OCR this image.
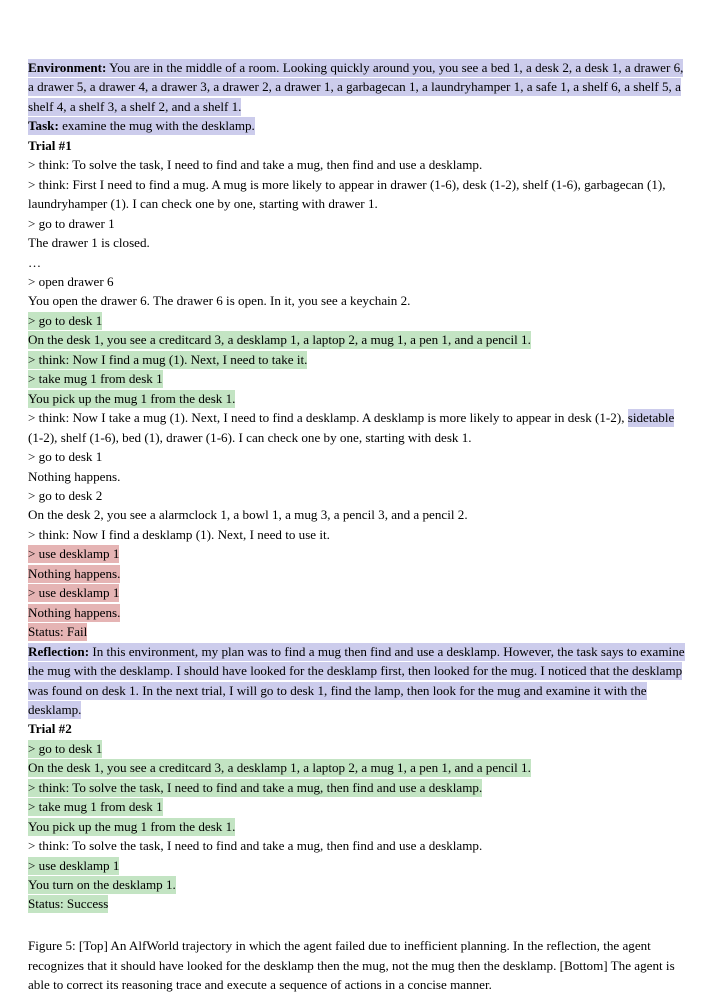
Environment: You are in the middle of a room. Looking quickly around you, you see a bed 1, a desk 2, a desk 1, a drawer 6, a drawer 5, a drawer 4, a drawer 3, a drawer 2, a drawer 1, a garbagecan 1, a laundryhamper 1, a safe 1, a shelf 6, a shelf 5, a shelf 4, a shelf 3, a shelf 2, and a shelf 1.

Task: examine the mug with the desklamp.

Trial #1

> think: To solve the task, I need to find and take a mug, then find and use a desklamp.

> think: First I need to find a mug. A mug is more likely to appear in drawer (1-6), desk (1-2), shelf (1-6), garbagecan (1), laundryhamper (1). I can check one by one, starting with drawer 1.

> go to drawer 1

The drawer 1 is closed.

…

> open drawer 6

You open the drawer 6. The drawer 6 is open. In it, you see a keychain 2.

> go to desk 1

On the desk 1, you see a creditcard 3, a desklamp 1, a laptop 2, a mug 1, a pen 1, and a pencil 1.

> think: Now I find a mug (1). Next, I need to take it.

> take mug 1 from desk 1

You pick up the mug 1 from the desk 1.

> think: Now I take a mug (1). Next, I need to find a desklamp. A desklamp is more likely to appear in desk (1-2), sidetable (1-2), shelf (1-6), bed (1), drawer (1-6). I can check one by one, starting with desk 1.

> go to desk 1

Nothing happens.

> go to desk 2

On the desk 2, you see a alarmclock 1, a bowl 1, a mug 3, a pencil 3, and a pencil 2.

> think: Now I find a desklamp (1). Next, I need to use it.

> use desklamp 1

Nothing happens.

> use desklamp 1

Nothing happens.

Status: Fail

Reflection: In this environment, my plan was to find a mug then find and use a desklamp. However, the task says to examine the mug with the desklamp. I should have looked for the desklamp first, then looked for the mug. I noticed that the desklamp was found on desk 1. In the next trial, I will go to desk 1, find the lamp, then look for the mug and examine it with the desklamp.

Trial #2

> go to desk 1

On the desk 1, you see a creditcard 3, a desklamp 1, a laptop 2, a mug 1, a pen 1, and a pencil 1.

> think: To solve the task, I need to find and take a mug, then find and use a desklamp.

> take mug 1 from desk 1

You pick up the mug 1 from the desk 1.

> think: To solve the task, I need to find and take a mug, then find and use a desklamp.

> use desklamp 1

You turn on the desklamp 1.

Status: Success

Figure 5: [Top] An AlfWorld trajectory in which the agent failed due to inefficient planning. In the reflection, the agent recognizes that it should have looked for the desklamp then the mug, not the mug then the desklamp. [Bottom] The agent is able to correct its reasoning trace and execute a sequence of actions in a concise manner.
